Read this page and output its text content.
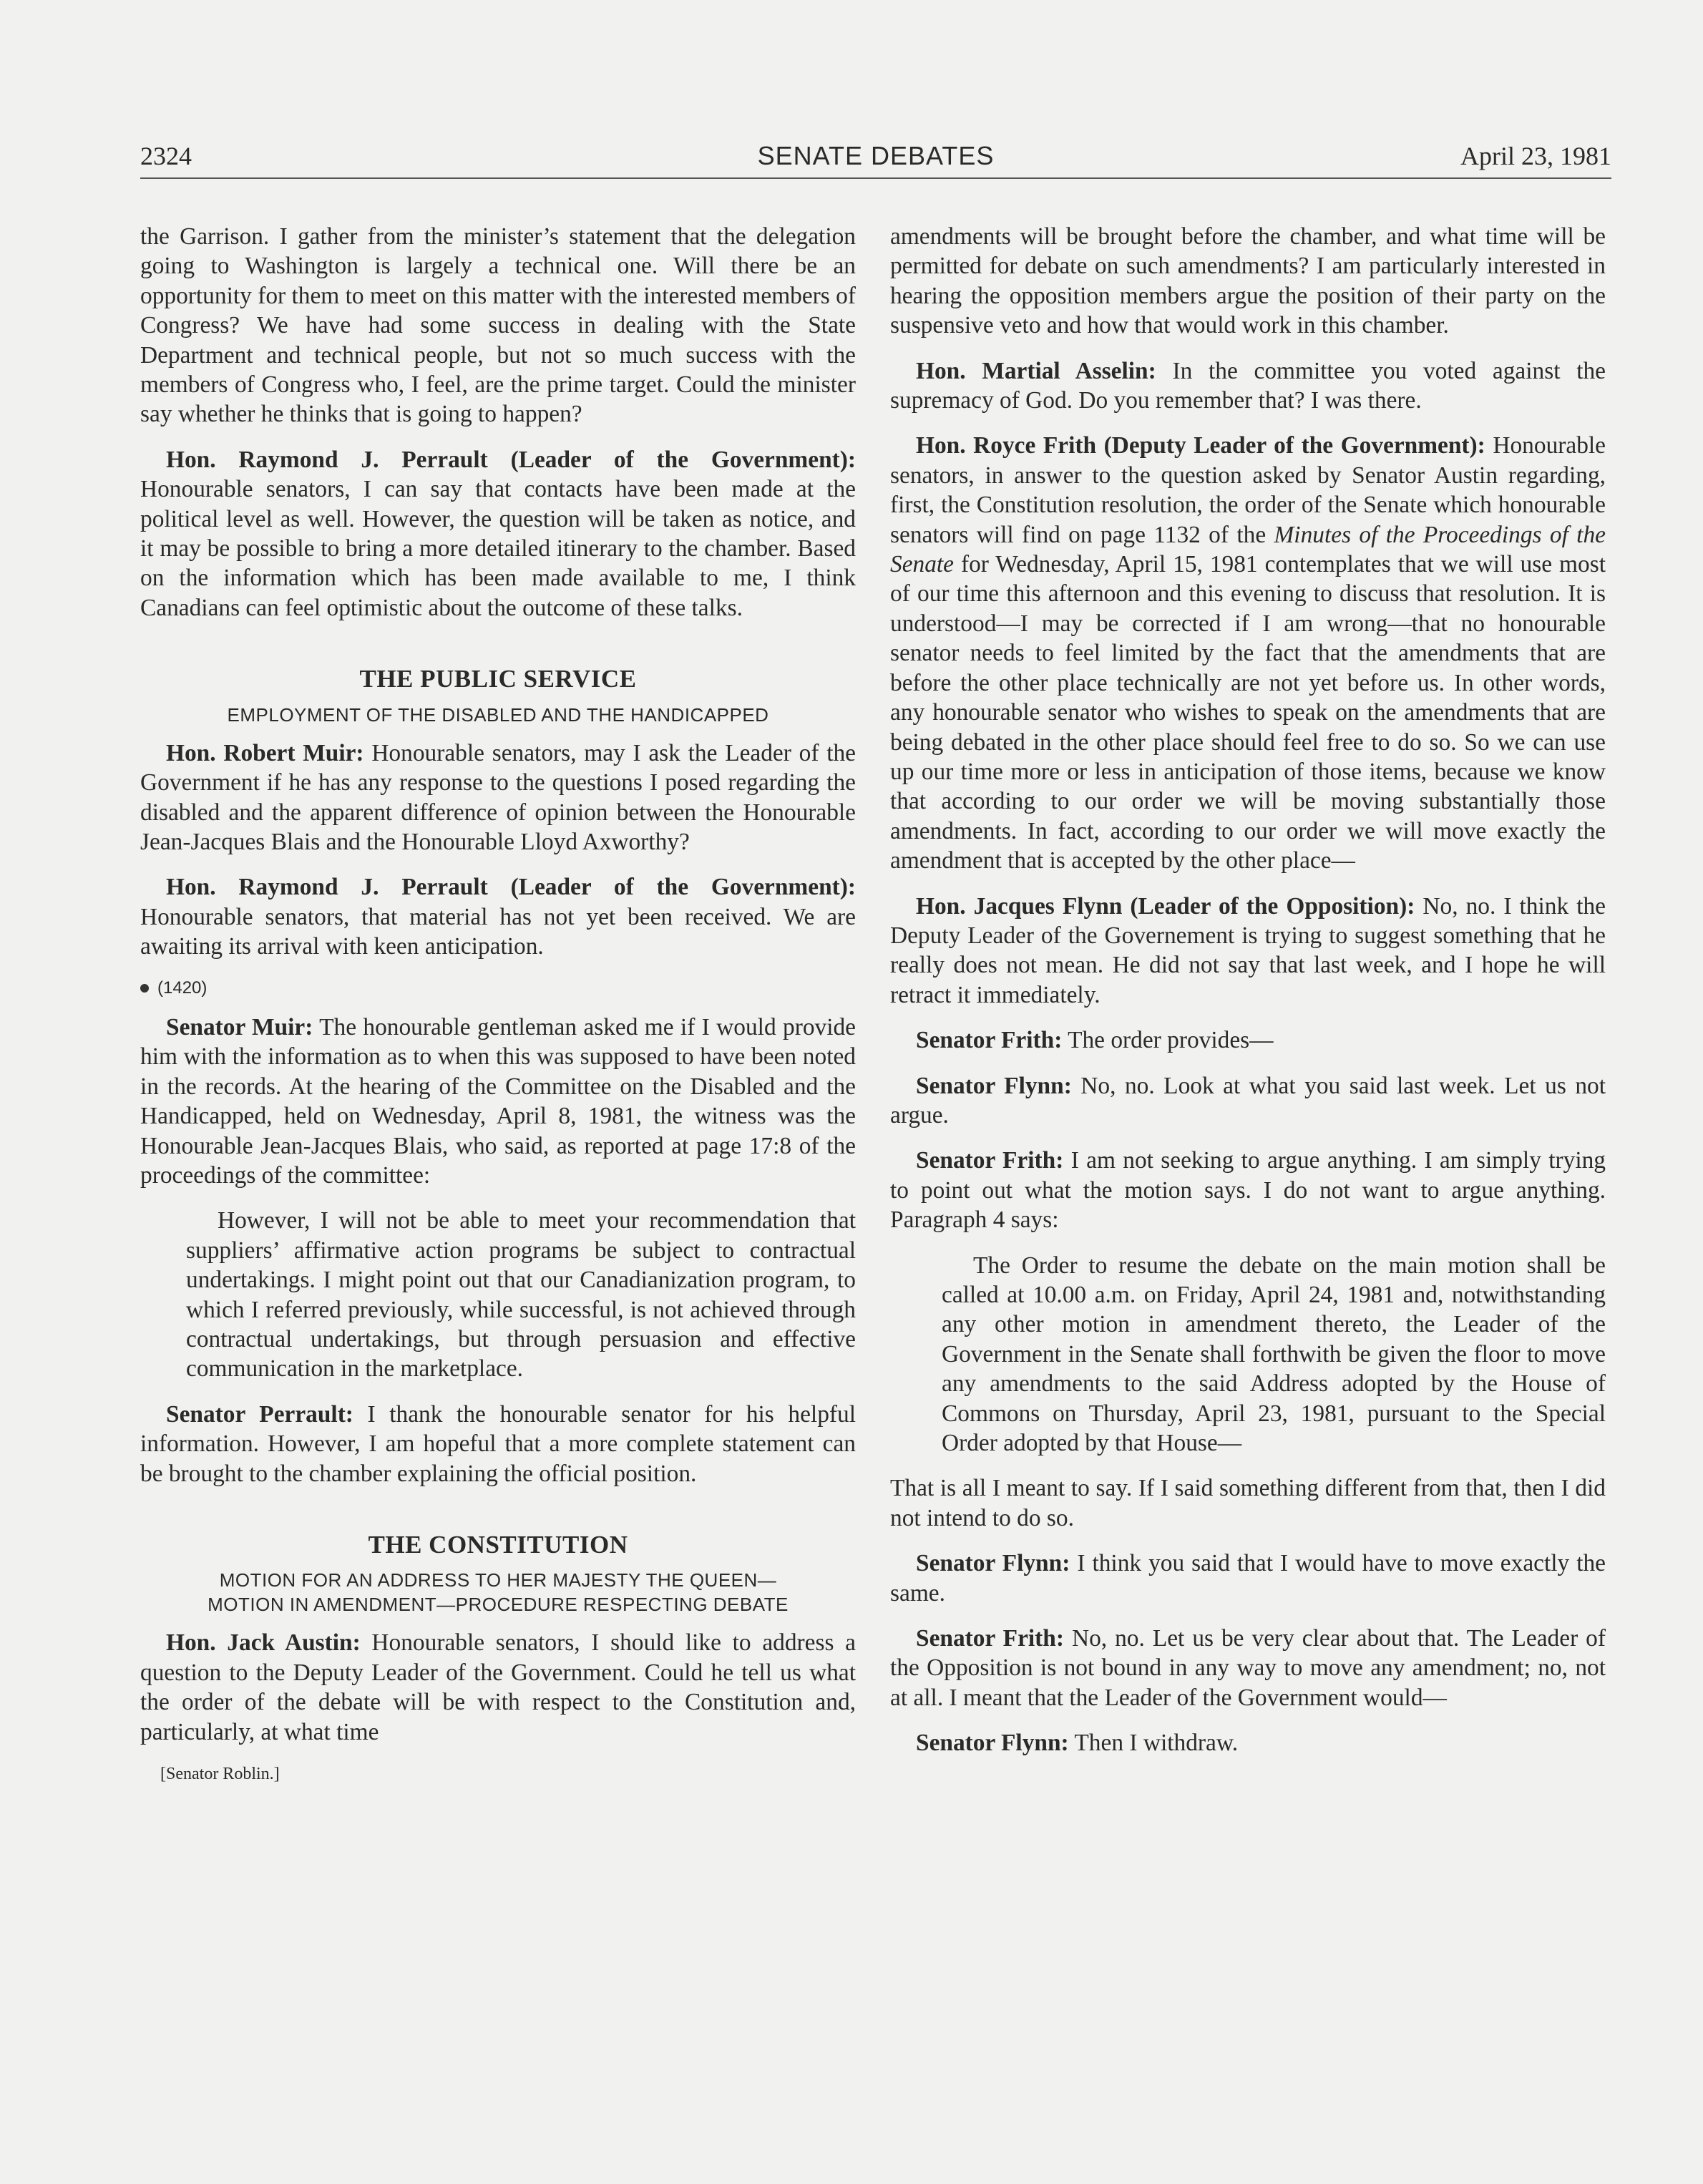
2324	SENATE DEBATES	April 23, 1981

the Garrison. I gather from the minister’s statement that the delegation going to Washington is largely a technical one. Will there be an opportunity for them to meet on this matter with the interested members of Congress? We have had some success in dealing with the State Department and technical people, but not so much success with the members of Congress who, I feel, are the prime target. Could the minister say whether he thinks that is going to happen?

Hon. Raymond J. Perrault (Leader of the Government): Honourable senators, I can say that contacts have been made at the political level as well. However, the question will be taken as notice, and it may be possible to bring a more detailed itinerary to the chamber. Based on the information which has been made available to me, I think Canadians can feel optimistic about the outcome of these talks.

THE PUBLIC SERVICE
EMPLOYMENT OF THE DISABLED AND THE HANDICAPPED

Hon. Robert Muir: Honourable senators, may I ask the Leader of the Government if he has any response to the questions I posed regarding the disabled and the apparent difference of opinion between the Honourable Jean-Jacques Blais and the Honourable Lloyd Axworthy?

Hon. Raymond J. Perrault (Leader of the Government): Honourable senators, that material has not yet been received. We are awaiting its arrival with keen anticipation.

(1420)

Senator Muir: The honourable gentleman asked me if I would provide him with the information as to when this was supposed to have been noted in the records. At the hearing of the Committee on the Disabled and the Handicapped, held on Wednesday, April 8, 1981, the witness was the Honourable Jean-Jacques Blais, who said, as reported at page 17:8 of the proceedings of the committee:

However, I will not be able to meet your recommendation that suppliers’ affirmative action programs be subject to contractual undertakings. I might point out that our Canadianization program, to which I referred previously, while successful, is not achieved through contractual undertakings, but through persuasion and effective communication in the marketplace.

Senator Perrault: I thank the honourable senator for his helpful information. However, I am hopeful that a more complete statement can be brought to the chamber explaining the official position.

THE CONSTITUTION
MOTION FOR AN ADDRESS TO HER MAJESTY THE QUEEN—
MOTION IN AMENDMENT—PROCEDURE RESPECTING DEBATE

Hon. Jack Austin: Honourable senators, I should like to address a question to the Deputy Leader of the Government. Could he tell us what the order of the debate will be with respect to the Constitution and, particularly, at what time

[Senator Roblin.]

amendments will be brought before the chamber, and what time will be permitted for debate on such amendments? I am particularly interested in hearing the opposition members argue the position of their party on the suspensive veto and how that would work in this chamber.

Hon. Martial Asselin: In the committee you voted against the supremacy of God. Do you remember that? I was there.

Hon. Royce Frith (Deputy Leader of the Government): Honourable senators, in answer to the question asked by Senator Austin regarding, first, the Constitution resolution, the order of the Senate which honourable senators will find on page 1132 of the Minutes of the Proceedings of the Senate for Wednesday, April 15, 1981 contemplates that we will use most of our time this afternoon and this evening to discuss that resolution. It is understood—I may be corrected if I am wrong—that no honourable senator needs to feel limited by the fact that the amendments that are before the other place technically are not yet before us. In other words, any honourable senator who wishes to speak on the amendments that are being debated in the other place should feel free to do so. So we can use up our time more or less in anticipation of those items, because we know that according to our order we will be moving substantially those amendments. In fact, according to our order we will move exactly the amendment that is accepted by the other place—

Hon. Jacques Flynn (Leader of the Opposition): No, no. I think the Deputy Leader of the Governement is trying to suggest something that he really does not mean. He did not say that last week, and I hope he will retract it immediately.

Senator Frith: The order provides—

Senator Flynn: No, no. Look at what you said last week. Let us not argue.

Senator Frith: I am not seeking to argue anything. I am simply trying to point out what the motion says. I do not want to argue anything. Paragraph 4 says:

The Order to resume the debate on the main motion shall be called at 10.00 a.m. on Friday, April 24, 1981 and, notwithstanding any other motion in amendment thereto, the Leader of the Government in the Senate shall forthwith be given the floor to move any amendments to the said Address adopted by the House of Commons on Thursday, April 23, 1981, pursuant to the Special Order adopted by that House—

That is all I meant to say. If I said something different from that, then I did not intend to do so.

Senator Flynn: I think you said that I would have to move exactly the same.

Senator Frith: No, no. Let us be very clear about that. The Leader of the Opposition is not bound in any way to move any amendment; no, not at all. I meant that the Leader of the Government would—

Senator Flynn: Then I withdraw.
